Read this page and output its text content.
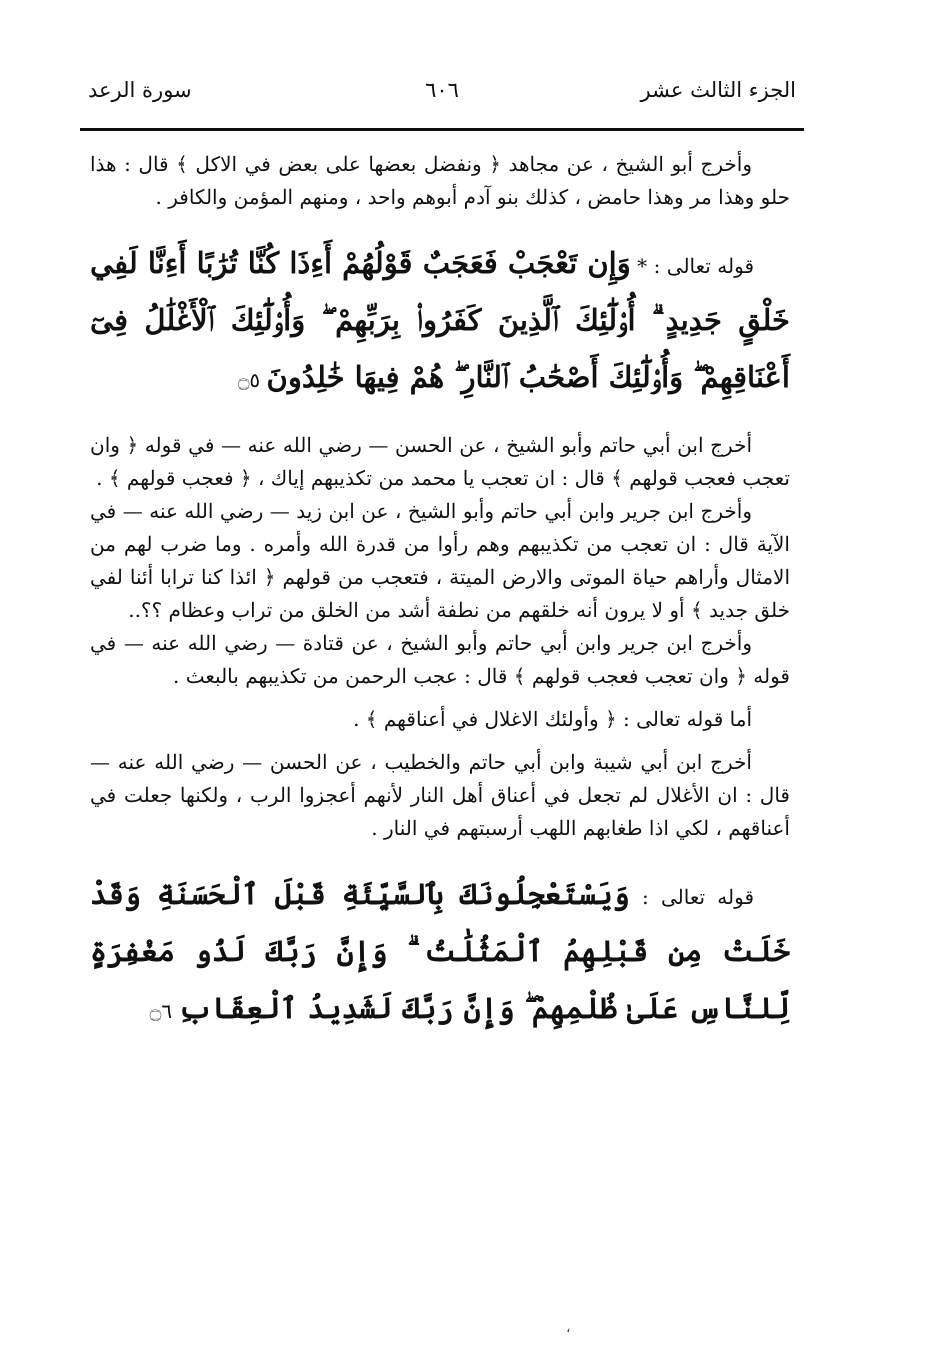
الجزء الثالث عشر
٦٠٦
سورة الرعد

وأخرج أبو الشيخ ، عن مجاهد ﴿ ونفضل بعضها على بعض في الاكل ﴾ قال : هذا حلو وهذا مر وهذا حامض ، كذلك بنو آدم أبوهم واحد ، ومنهم المؤمن والكافر .

قوله تعالى : * وَإِن تَعْجَبْ فَعَجَبٌ قَوْلُهُمْ أَءِذَا كُنَّا تُرَٰبًا أَءِنَّا لَفِي خَلْقٍ جَدِيدٍ ۗ أُو۟لَٰٓئِكَ ٱلَّذِينَ كَفَرُوا۟ بِرَبِّهِمْ ۖ وَأُو۟لَٰٓئِكَ ٱلْأَغْلَٰلُ فِىٓ أَعْنَاقِهِمْ ۖ وَأُو۟لَٰٓئِكَ أَصْحَٰبُ ٱلنَّارِ ۖ هُمْ فِيهَا خَٰلِدُونَ ۝٥

أخرج ابن أبي حاتم وأبو الشيخ ، عن الحسن — رضي الله عنه — في قوله ﴿ وان تعجب فعجب قولهم ﴾ قال : ان تعجب يا محمد من تكذيبهم إياك ، ﴿ فعجب قولهم ﴾ .

وأخرج ابن جرير وابن أبي حاتم وأبو الشيخ ، عن ابن زيد — رضي الله عنه — في الآية قال : ان تعجب من تكذيبهم وهم رأوا من قدرة الله وأمره . وما ضرب لهم من الامثال وأراهم حياة الموتى والارض الميتة ، فتعجب من قولهم ﴿ ائذا كنا ترابا أئنا لفي خلق جديد ﴾ أو لا يرون أنه خلقهم من نطفة أشد من الخلق من تراب وعظام ؟؟..

وأخرج ابن جرير وابن أبي حاتم وأبو الشيخ ، عن قتادة — رضي الله عنه — في قوله ﴿ وان تعجب فعجب قولهم ﴾ قال : عجب الرحمن من تكذيبهم بالبعث .

أما قوله تعالى : ﴿ وأولئك الاغلال في أعناقهم ﴾ .

أخرج ابن أبي شيبة وابن أبي حاتم والخطيب ، عن الحسن — رضي الله عنه — قال : ان الأغلال لم تجعل في أعناق أهل النار لأنهم أعجزوا الرب ، ولكنها جعلت في أعناقهم ، لكي اذا طغابهم اللهب أرسبتهم في النار .

قوله تعالى : وَيَسْتَعْجِلُونَكَ بِٱلسَّيِّئَةِ قَبْلَ ٱلْحَسَنَةِ وَقَدْ خَلَتْ مِن قَبْلِهِمُ ٱلْمَثُلَٰتُ ۗ وَإِنَّ رَبَّكَ لَذُو مَغْفِرَةٍ لِّلنَّاسِ عَلَىٰ ظُلْمِهِمْ ۖ وَإِنَّ رَبَّكَ لَشَدِيدُ ٱلْعِقَابِ ۝٦

،
